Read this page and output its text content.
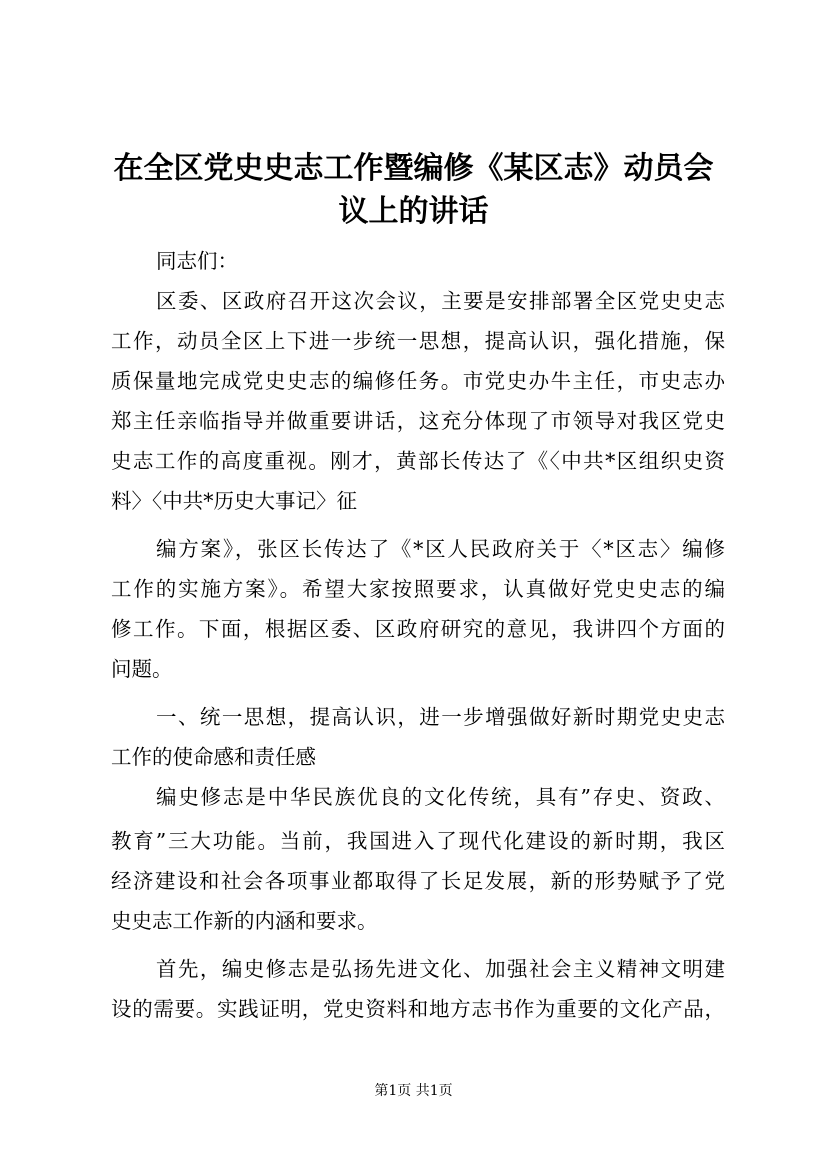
在全区党史史志工作暨编修《某区志》动员会
议上的讲话

同志们：

区委、区政府召开这次会议，主要是安排部署全区党史史志

工作，动员全区上下进一步统一思想，提高认识，强化措施，保

质保量地完成党史史志的编修任务。市党史办牛主任，市史志办

郑主任亲临指导并做重要讲话，这充分体现了市领导对我区党史

史志工作的高度重视。刚才，黄部长传达了《〈中共*区组织史资

料〉〈中共*历史大事记〉征

编方案》，张区长传达了《*区人民政府关于〈*区志〉编修

工作的实施方案》。希望大家按照要求，认真做好党史史志的编

修工作。下面，根据区委、区政府研究的意见，我讲四个方面的

问题。

一、统一思想，提高认识，进一步增强做好新时期党史史志

工作的使命感和责任感

编史修志是中华民族优良的文化传统，具有”存史、资政、

教育”三大功能。当前，我国进入了现代化建设的新时期，我区

经济建设和社会各项事业都取得了长足发展，新的形势赋予了党

史史志工作新的内涵和要求。

首先，编史修志是弘扬先进文化、加强社会主义精神文明建

设的需要。实践证明，党史资料和地方志书作为重要的文化产品，

第1页 共1页
